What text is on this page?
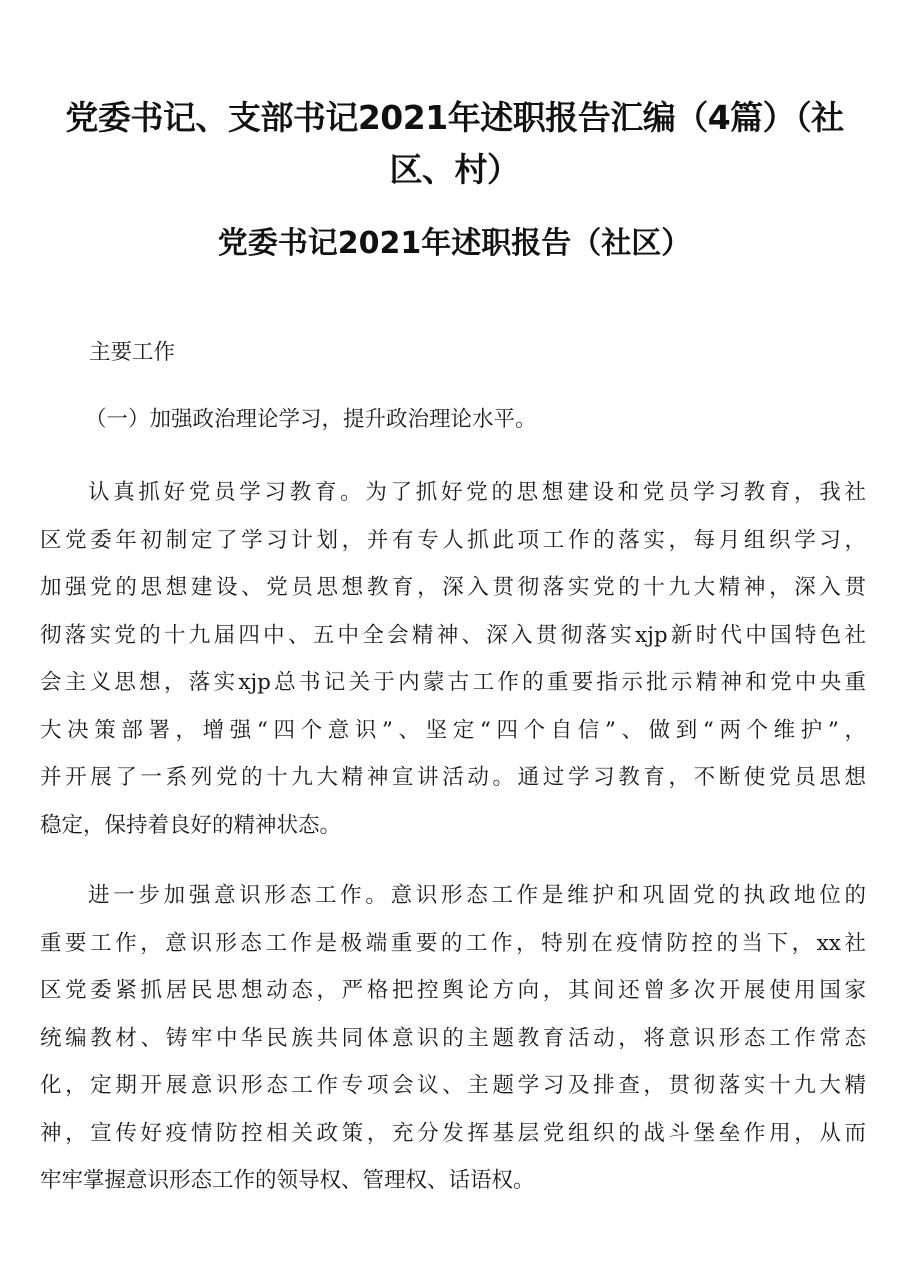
党委书记、支部书记2021年述职报告汇编（4篇）（社区、村）
党委书记2021年述职报告（社区）

主要工作

（一）加强政治理论学习，提升政治理论水平。

认真抓好党员学习教育。为了抓好党的思想建设和党员学习教育，我社
区党委年初制定了学习计划，并有专人抓此项工作的落实，每月组织学习，
加强党的思想建设、党员思想教育，深入贯彻落实党的十九大精神，深入贯
彻落实党的十九届四中、五中全会精神、深入贯彻落实xjp新时代中国特色社
会主义思想，落实xjp总书记关于内蒙古工作的重要指示批示精神和党中央重
大决策部署，增强“四个意识”、坚定“四个自信”、做到“两个维护”，
并开展了一系列党的十九大精神宣讲活动。通过学习教育，不断使党员思想
稳定，保持着良好的精神状态。
进一步加强意识形态工作。意识形态工作是维护和巩固党的执政地位的
重要工作，意识形态工作是极端重要的工作，特别在疫情防控的当下，xx社
区党委紧抓居民思想动态，严格把控舆论方向，其间还曾多次开展使用国家
统编教材、铸牢中华民族共同体意识的主题教育活动，将意识形态工作常态
化，定期开展意识形态工作专项会议、主题学习及排查，贯彻落实十九大精
神，宣传好疫情防控相关政策，充分发挥基层党组织的战斗堡垒作用，从而
牢牢掌握意识形态工作的领导权、管理权、话语权。
